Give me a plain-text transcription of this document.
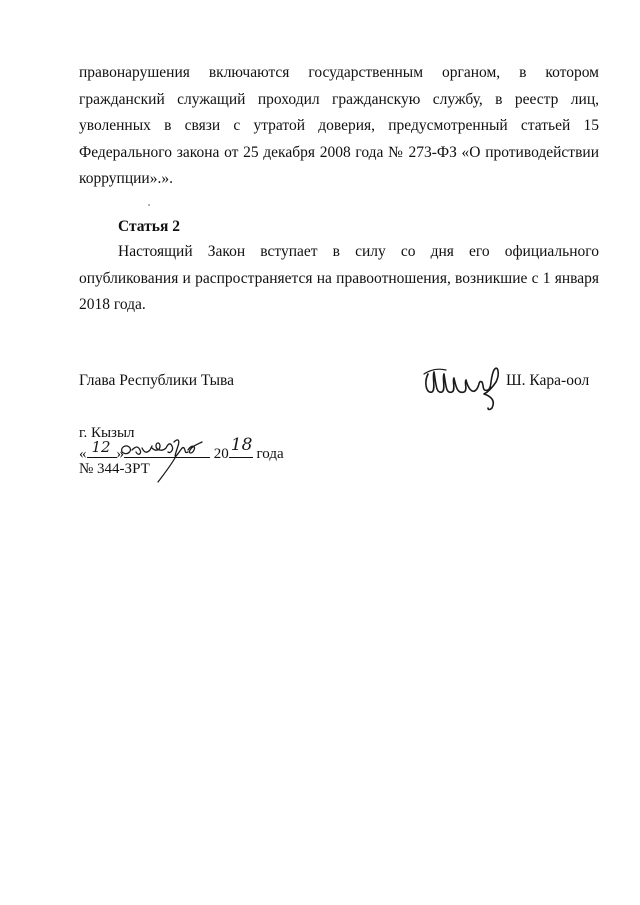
правонарушения включаются государственным органом, в котором
гражданский служащий проходил гражданскую службу, в реестр лиц,
уволенных в связи с утратой доверия, предусмотренный статьей 15
Федерального закона от 25 декабря 2008 года № 273-ФЗ «О противодействии
коррупции».».
Статья 2
Настоящий Закон вступает в силу со дня его официального
опубликования и распространяется на правоотношения, возникшие с 1 января
2018 года.
Глава Республики Тыва	Ш. Кара-оол
г. Кызыл
« 12 »	20 18 года
№ 344-ЗРТ
